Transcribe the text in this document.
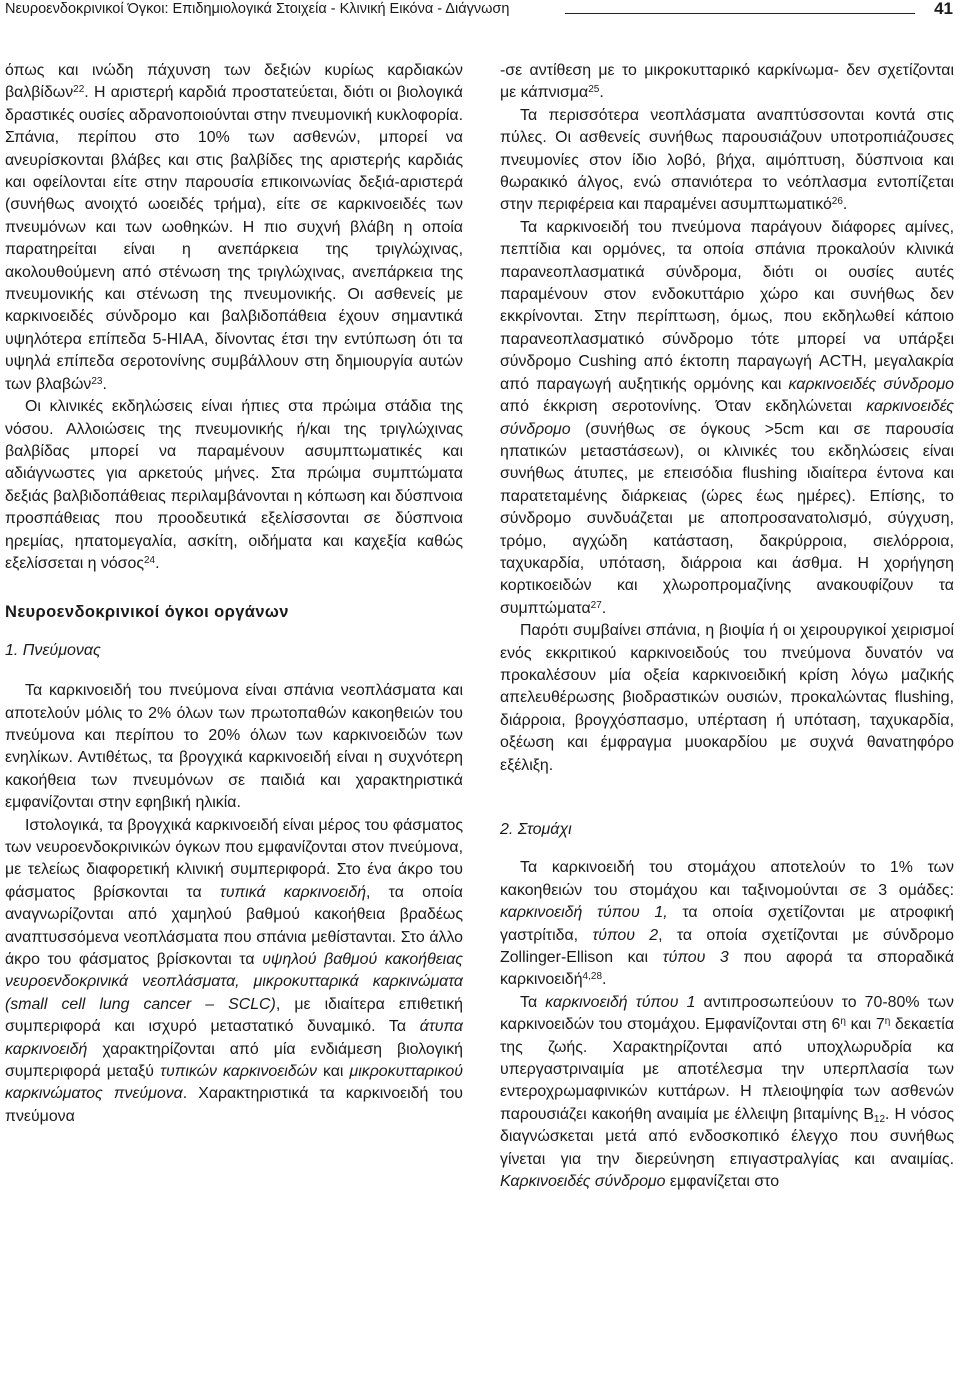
Νευροενδοκρινικοί Όγκοι: Επιδημιολογικά Στοιχεία - Κλινική Εικόνα - Διάγνωση	41

όπως και ινώδη πάχυνση των δεξιών κυρίως καρδιακών βαλβίδων$^{22}$. Η αριστερή καρδιά προστατεύεται, διότι οι βιολογικά δραστικές ουσίες αδρανοποιούνται στην πνευμονική κυκλοφορία. Σπάνια, περίπου στο 10% των ασθενών, μπορεί να ανευρίσκονται βλάβες και στις βαλβίδες της αριστερής καρδιάς και οφείλονται είτε στην παρουσία επικοινωνίας δεξιά-αριστερά (συνήθως ανοιχτό ωοειδές τρήμα), είτε σε καρκινοειδές των πνευμόνων και των ωοθηκών. Η πιο συχνή βλάβη η οποία παρατηρείται είναι η ανεπάρκεια της τριγλώχινας, ακολουθούμενη από στένωση της τριγλώχινας, ανεπάρκεια της πνευμονικής και στένωση της πνευμονικής. Οι ασθενείς με καρκινοειδές σύνδρομο και βαλβιδοπάθεια έχουν σημαντικά υψηλότερα επίπεδα 5-HIAA, δίνοντας έτσι την εντύπωση ότι τα υψηλά επίπεδα σεροτονίνης συμβάλλουν στη δημιουργία αυτών των βλαβών$^{23}$.

Οι κλινικές εκδηλώσεις είναι ήπιες στα πρώιμα στάδια της νόσου. Αλλοιώσεις της πνευμονικής ή/και της τριγλώχινας βαλβίδας μπορεί να παραμένουν ασυμπτωματικές και αδιάγνωστες για αρκετούς μήνες. Στα πρώιμα συμπτώματα δεξιάς βαλβιδοπάθειας περιλαμβάνονται η κόπωση και δύσπνοια προσπάθειας που προοδευτικά εξελίσσονται σε δύσπνοια ηρεμίας, ηπατομεγαλία, ασκίτη, οιδήματα και καχεξία καθώς εξελίσσεται η νόσος$^{24}$.

Νευροενδοκρινικοί όγκοι οργάνων

1. Πνεύμονας

Τα καρκινοειδή του πνεύμονα είναι σπάνια νεοπλάσματα και αποτελούν μόλις το 2% όλων των πρωτοπαθών κακοηθειών του πνεύμονα και περίπου το 20% όλων των καρκινοειδών των ενηλίκων. Αντιθέτως, τα βρογχικά καρκινοειδή είναι η συχνότερη κακοήθεια των πνευμόνων σε παιδιά και χαρακτηριστικά εμφανίζονται στην εφηβική ηλικία.

Ιστολογικά, τα βρογχικά καρκινοειδή είναι μέρος του φάσματος των νευροενδοκρινικών όγκων που εμφανίζονται στον πνεύμονα, με τελείως διαφορετική κλινική συμπεριφορά. Στο ένα άκρο του φάσματος βρίσκονται τα τυπικά καρκινοειδή, τα οποία αναγνωρίζονται από χαμηλού βαθμού κακοήθεια βραδέως αναπτυσσόμενα νεοπλάσματα που σπάνια μεθίστανται. Στο άλλο άκρο του φάσματος βρίσκονται τα υψηλού βαθμού κακοήθειας νευροενδοκρινικά νεοπλάσματα, μικροκυτταρικά καρκινώματα (small cell lung cancer – SCLC), με ιδιαίτερα επιθετική συμπεριφορά και ισχυρό μεταστατικό δυναμικό. Τα άτυπα καρκινοειδή χαρακτηρίζονται από μία ενδιάμεση βιολογική συμπεριφορά μεταξύ τυπικών καρκινοειδών και μικροκυτταρικού καρκινώματος πνεύμονα. Χαρακτηριστικά τα καρκινοειδή του πνεύμονα

-σε αντίθεση με το μικροκυτταρικό καρκίνωμα- δεν σχετίζονται με κάπνισμα$^{25}$.

Τα περισσότερα νεοπλάσματα αναπτύσσονται κοντά στις πύλες. Οι ασθενείς συνήθως παρουσιάζουν υποτροπιάζουσες πνευμονίες στον ίδιο λοβό, βήχα, αιμόπτυση, δύσπνοια και θωρακικό άλγος, ενώ σπανιότερα το νεόπλασμα εντοπίζεται στην περιφέρεια και παραμένει ασυμπτωματικό$^{26}$.

Τα καρκινοειδή του πνεύμονα παράγουν διάφορες αμίνες, πεπτίδια και ορμόνες, τα οποία σπάνια προκαλούν κλινικά παρανεοπλασματικά σύνδρομα, διότι οι ουσίες αυτές παραμένουν στον ενδοκυττάριο χώρο και συνήθως δεν εκκρίνονται. Στην περίπτωση, όμως, που εκδηλωθεί κάποιο παρανεοπλασματικό σύνδρομο τότε μπορεί να υπάρξει σύνδρομο Cushing από έκτοπη παραγωγή ACTH, μεγαλακρία από παραγωγή αυξητικής ορμόνης και καρκινοειδές σύνδρομο από έκκριση σεροτονίνης. Όταν εκδηλώνεται καρκινοειδές σύνδρομο (συνήθως σε όγκους >5cm και σε παρουσία ηπατικών μεταστάσεων), οι κλινικές του εκδηλώσεις είναι συνήθως άτυπες, με επεισόδια flushing ιδιαίτερα έντονα και παρατεταμένης διάρκειας (ώρες έως ημέρες). Επίσης, το σύνδρομο συνδυάζεται με αποπροσανατολισμό, σύγχυση, τρόμο, αγχώδη κατάσταση, δακρύρροια, σιελόρροια, ταχυκαρδία, υπόταση, διάρροια και άσθμα. Η χορήγηση κορτικοειδών και χλωροπρομαζίνης ανακουφίζουν τα συμπτώματα$^{27}$.

Παρότι συμβαίνει σπάνια, η βιοψία ή οι χειρουργικοί χειρισμοί ενός εκκριτικού καρκινοειδούς του πνεύμονα δυνατόν να προκαλέσουν μία οξεία καρκινοειδική κρίση λόγω μαζικής απελευθέρωσης βιοδραστικών ουσιών, προκαλώντας flushing, διάρροια, βρογχόσπασμο, υπέρταση ή υπόταση, ταχυκαρδία, οξέωση και έμφραγμα μυοκαρδίου με συχνά θανατηφόρο εξέλιξη.

2. Στομάχι

Τα καρκινοειδή του στομάχου αποτελούν το 1% των κακοηθειών του στομάχου και ταξινομούνται σε 3 ομάδες: καρκινοειδή τύπου 1, τα οποία σχετίζονται με ατροφική γαστρίτιδα, τύπου 2, τα οποία σχετίζονται με σύνδρομο Zollinger-Ellison και τύπου 3 που αφορά τα σποραδικά καρκινοειδή$^{4,28}$.

Τα καρκινοειδή τύπου 1 αντιπροσωπεύουν το 70-80% των καρκινοειδών του στομάχου. Εμφανίζονται στη $6^\eta$ και $7^\eta$ δεκαετία της ζωής. Χαρακτηρίζονται από υποχλωρυδρία κα υπεργαστριναιμία με αποτέλεσμα την υπερπλασία των εντεροχρωμαφινικών κυττάρων. Η πλειοψηφία των ασθενών παρουσιάζει κακοήθη αναιμία με έλλειψη βιταμίνης $B_{12}$. Η νόσος διαγνώσκεται μετά από ενδοσκοπικό έλεγχο που συνήθως γίνεται για την διερεύνηση επιγαστραλγίας και αναιμίας. Καρκινοειδές σύνδρομο εμφανίζεται στο
